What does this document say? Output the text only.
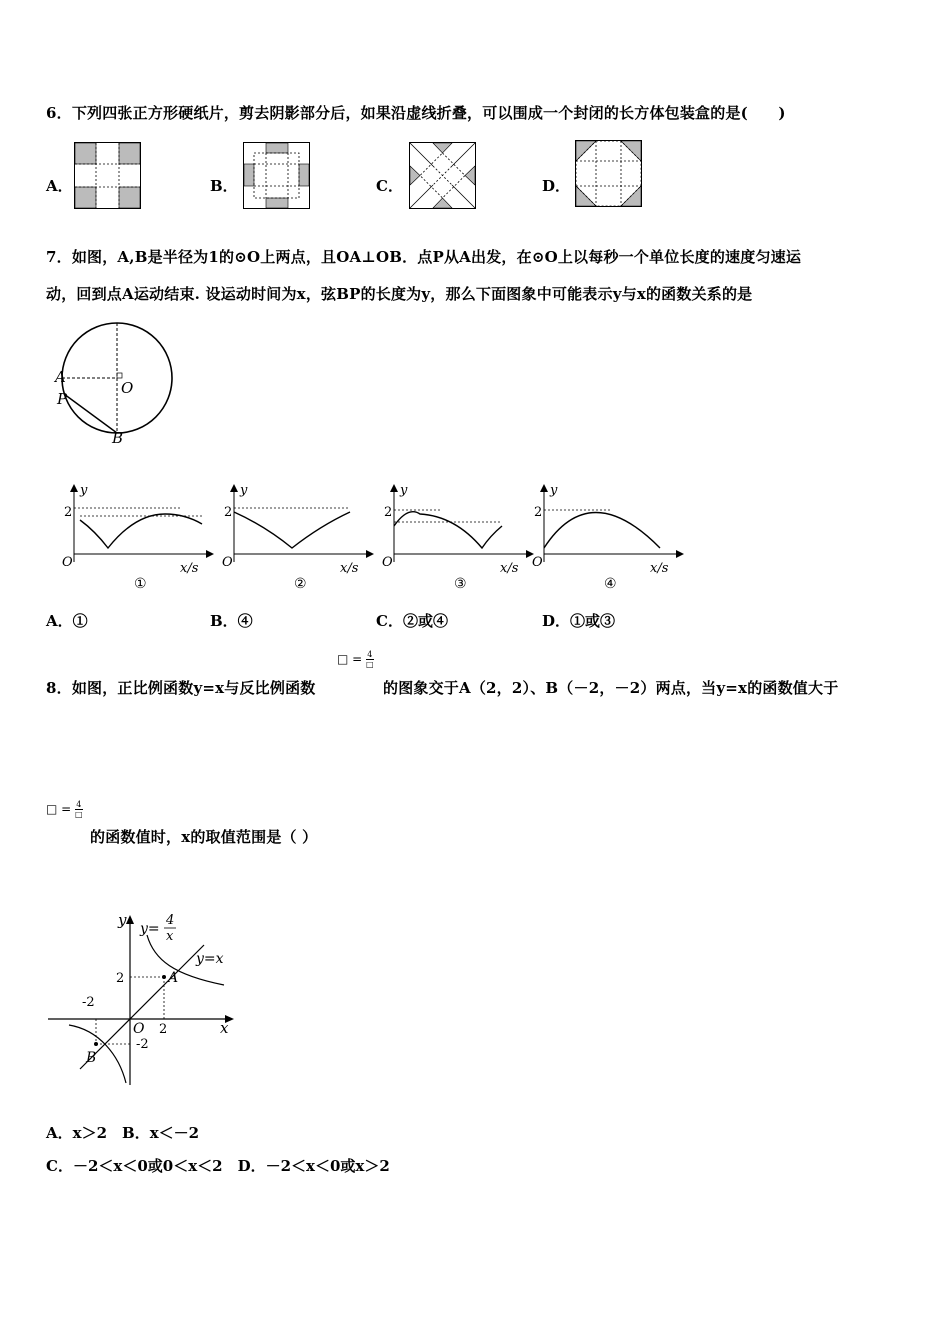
6．下列四张正方形硬纸片，剪去阴影部分后，如果沿虚线折叠，可以围成一个封闭的长方体包装盒的是(　　)
A．	B．	C．	D．
7．如图，A,B是半径为1的⊙O上两点，且OA⊥OB．点P从A出发，在⊙O上以每秒一个单位长度的速度匀速运
动，回到点A运动结束. 设运动时间为x，弦BP的长度为y，那么下面图象中可能表示y与x的函数关系的是
A
O
P
B
y
2
O	x/s
①
y
2
O	x/s
②
y
2
O	x/s
③
y
2
O	x/s
④
A．①	B．④	C．②或④	D．①或③
8．如图，正比例函数y=x与反比例函数
□ = 4
□
的图象交于A（2，2）、B（－2，－2）两点，当y=x的函数值大于
□ = 4
□
的函数值时，x的取值范围是（ ）
y y=
4
x
y=x
2	A
-2
O 2	x
-2
B
A．x＞2　B．x＜－2
C．－2＜x＜0或0＜x＜2　D．－2＜x＜0或x＞2
